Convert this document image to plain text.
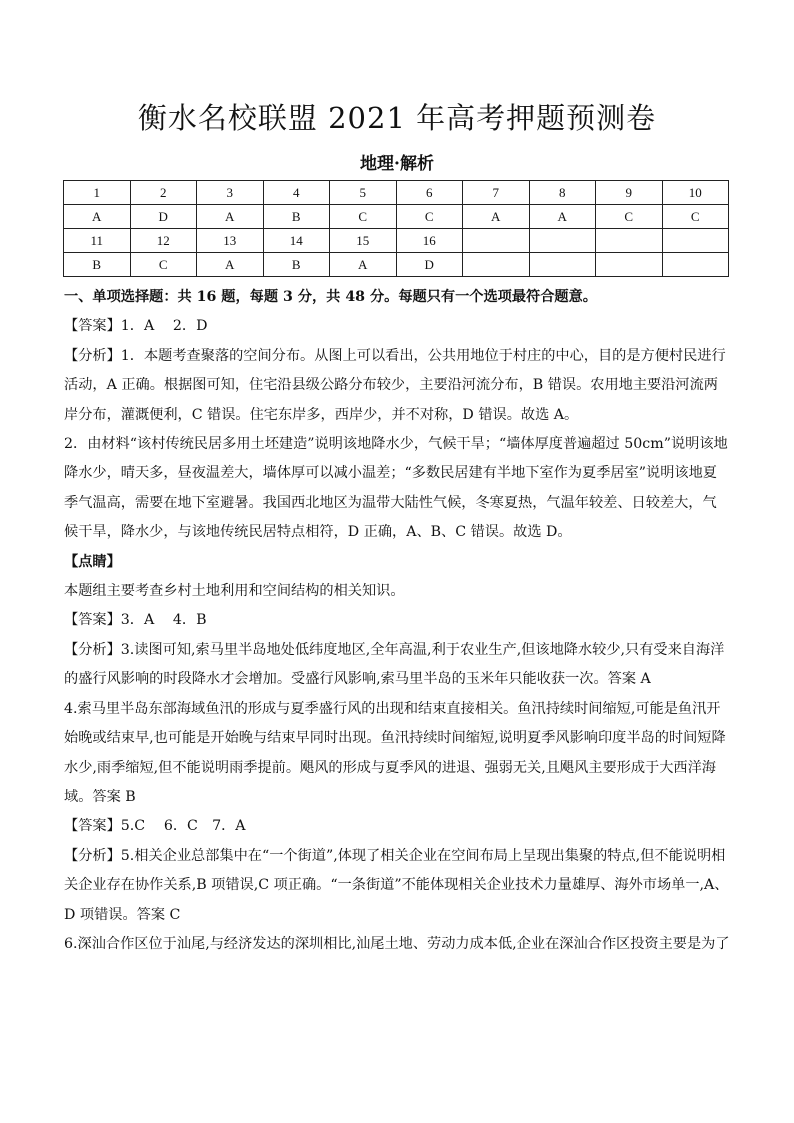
衡水名校联盟 2021 年高考押题预测卷
地理·解析
1	2	3	4	5	6	7	8	9	10
A	D	A	B	C	C	A	A	C	C
11	12	13	14	15	16				
B	C	A	B	A	D				

一、单项选择题：共 16 题，每题 3 分，共 48 分。每题只有一个选项最符合题意。

【答案】1．A　 2．D

【分析】1．本题考查聚落的空间分布。从图上可以看出，公共用地位于村庄的中心，目的是方便村民进行活动，A 正确。根据图可知，住宅沿县级公路分布较少，主要沿河流分布，B 错误。农用地主要沿河流两岸分布，灌溉便利，C 错误。住宅东岸多，西岸少，并不对称，D 错误。故选 A。

2．由材料“该村传统民居多用土坯建造”说明该地降水少，气候干旱；“墙体厚度普遍超过 50cm”说明该地降水少，晴天多，昼夜温差大，墙体厚可以减小温差；“多数民居建有半地下室作为夏季居室”说明该地夏季气温高，需要在地下室避暑。我国西北地区为温带大陆性气候，冬寒夏热，气温年较差、日较差大，气候干旱，降水少，与该地传统民居特点相符，D 正确，A、B、C 错误。故选 D。

【点睛】

本题组主要考查乡村土地利用和空间结构的相关知识。

【答案】3．A　 4．B

【分析】3.读图可知,索马里半岛地处低纬度地区,全年高温,利于农业生产,但该地降水较少,只有受来自海洋的盛行风影响的时段降水才会增加。受盛行风影响,索马里半岛的玉米年只能收获一次。答案 A

4.索马里半岛东部海域鱼汛的形成与夏季盛行风的出现和结束直接相关。鱼汛持续时间缩短,可能是鱼汛开始晚或结束早,也可能是开始晚与结束早同时出现。鱼汛持续时间缩短,说明夏季风影响印度半岛的时间短降水少,雨季缩短,但不能说明雨季提前。飓风的形成与夏季风的进退、强弱无关,且飓风主要形成于大西洋海域。答案 B

【答案】5.C　 6．C　7．A

【分析】5.相关企业总部集中在“一个街道”,体现了相关企业在空间布局上呈现出集聚的特点,但不能说明相关企业存在协作关系,B 项错误,C 项正确。“一条街道”不能体现相关企业技术力量雄厚、海外市场单一,A、D 项错误。答案 C

6.深汕合作区位于汕尾,与经济发达的深圳相比,汕尾土地、劳动力成本低,企业在深汕合作区投资主要是为了
